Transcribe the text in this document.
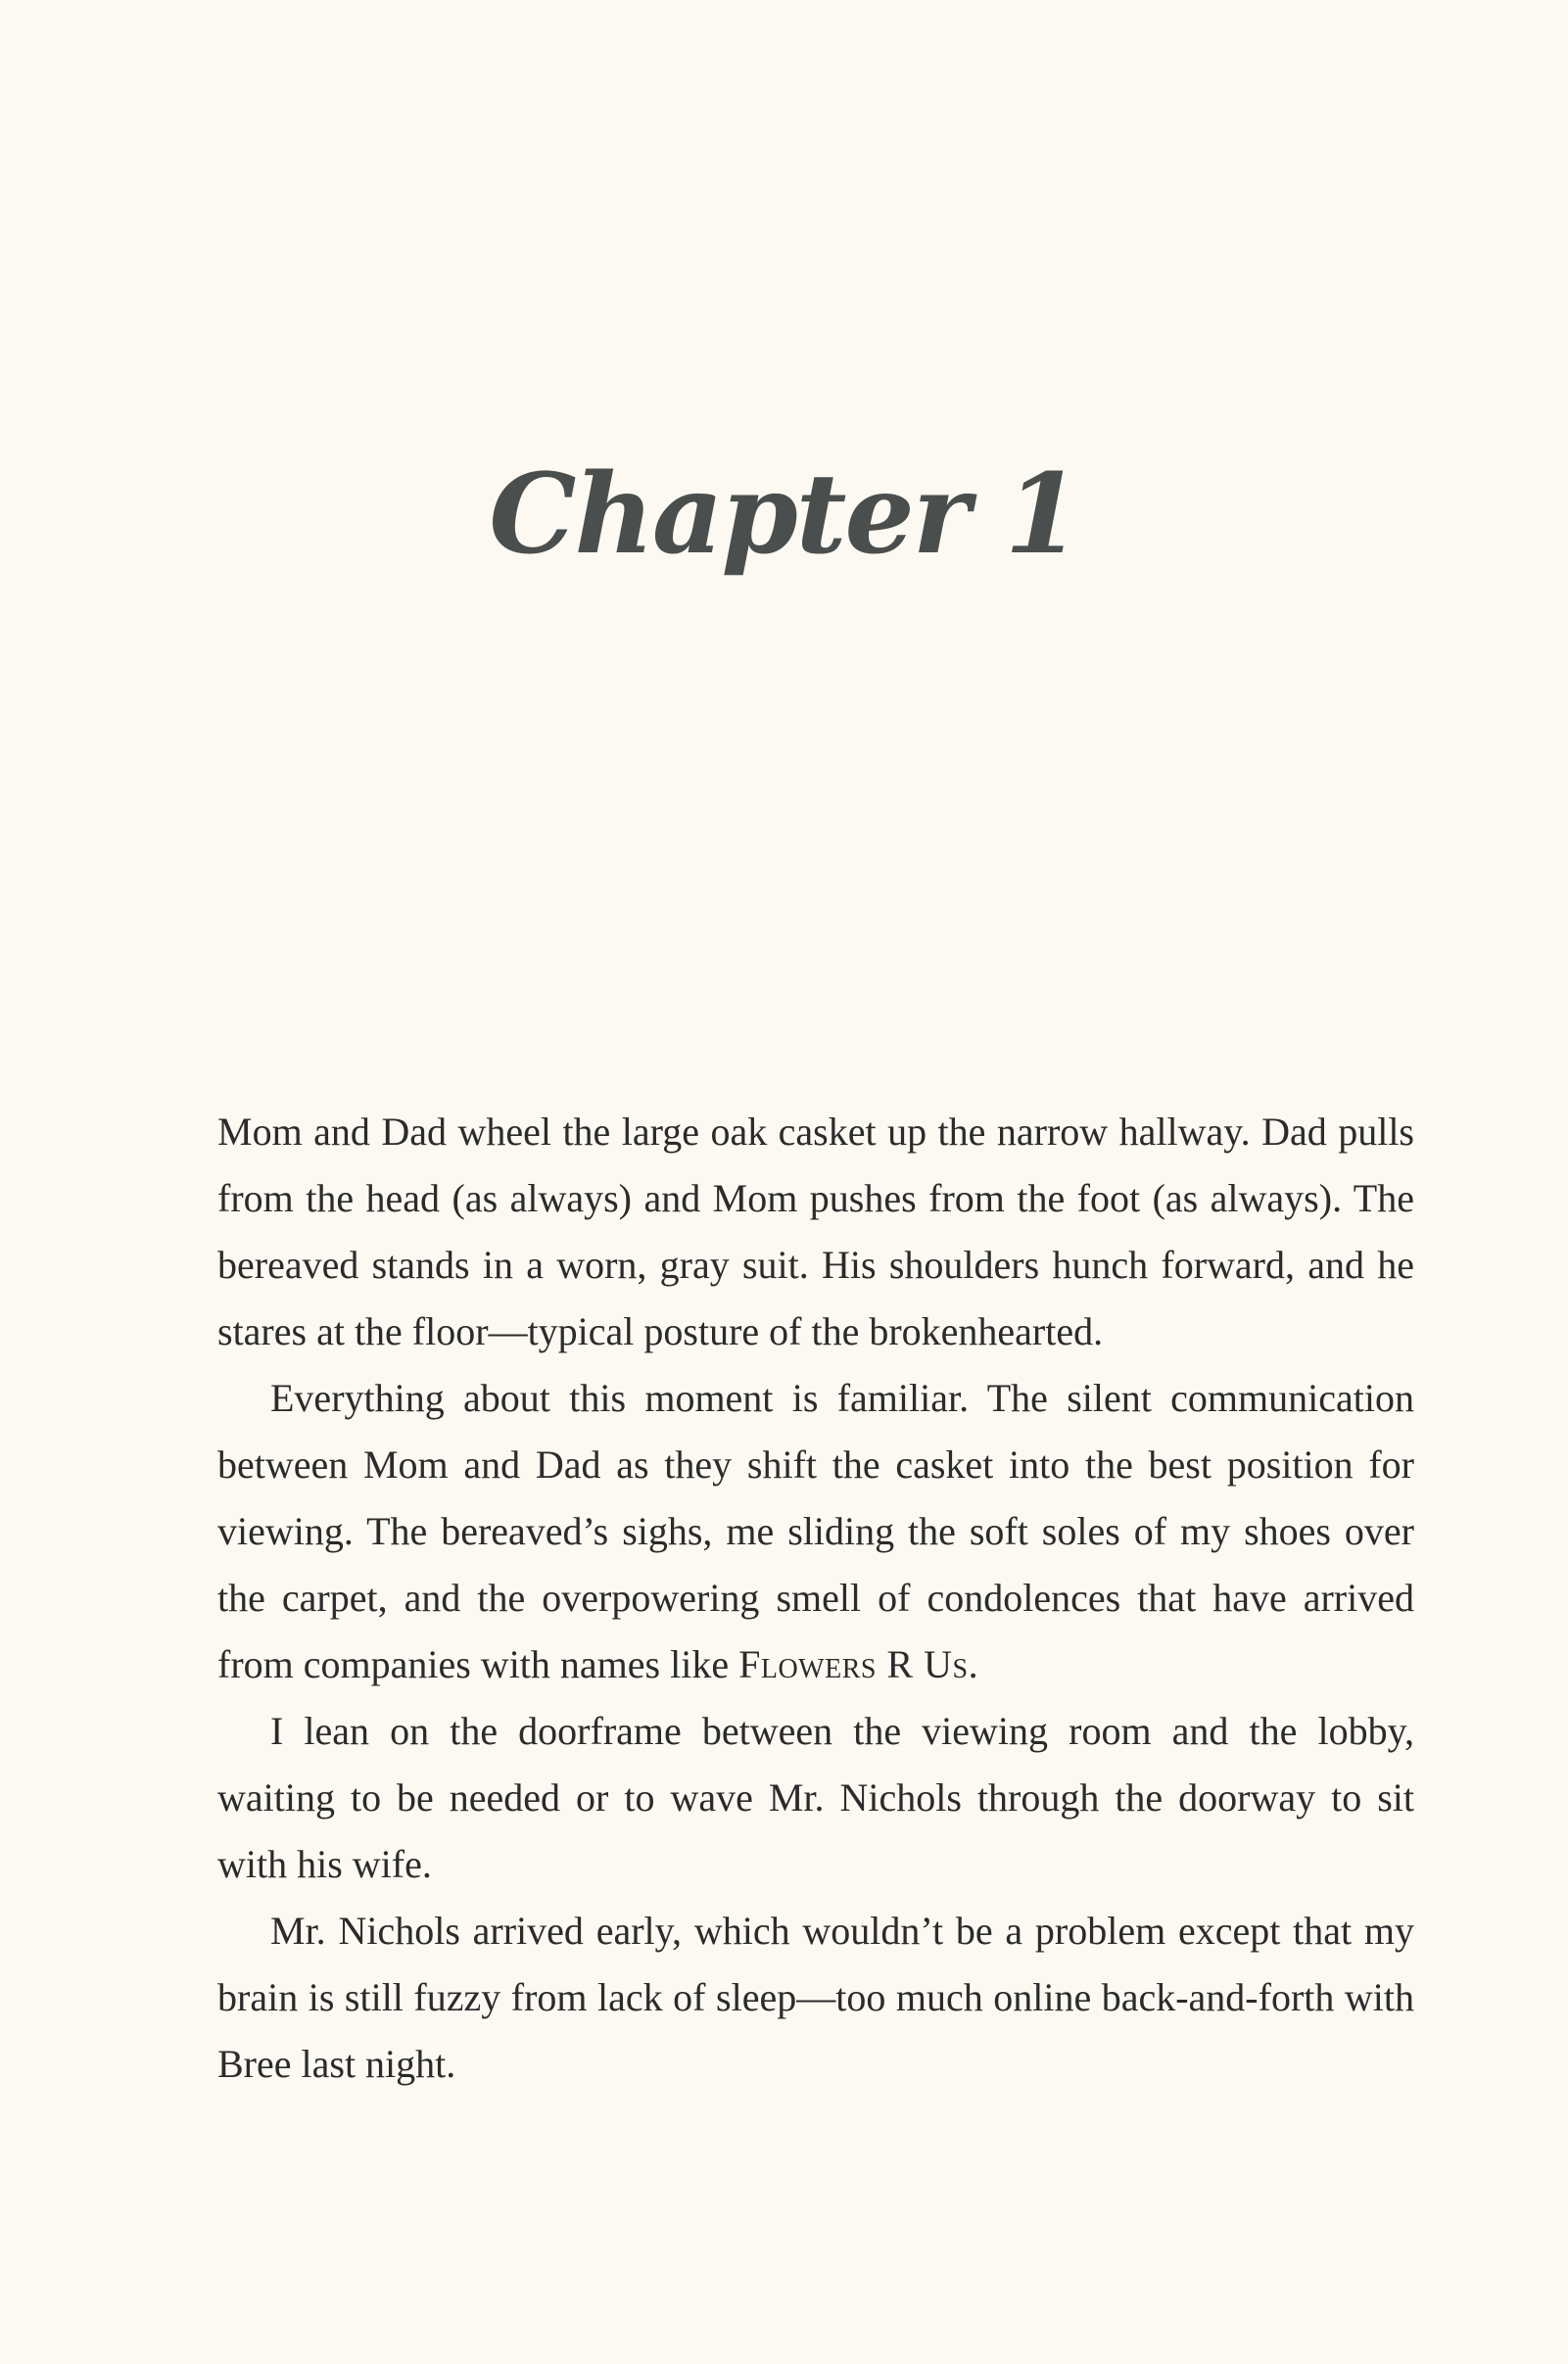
Chapter 1

Mom and Dad wheel the large oak casket up the narrow hallway. Dad pulls from the head (as always) and Mom pushes from the foot (as always). The bereaved stands in a worn, gray suit. His shoulders hunch forward, and he stares at the floor—typical posture of the brokenhearted.

Everything about this moment is familiar. The silent communication between Mom and Dad as they shift the casket into the best position for viewing. The bereaved’s sighs, me sliding the soft soles of my shoes over the carpet, and the overpowering smell of condolences that have arrived from companies with names like Flowers R Us.

I lean on the doorframe between the viewing room and the lobby, waiting to be needed or to wave Mr. Nichols through the doorway to sit with his wife.

Mr. Nichols arrived early, which wouldn’t be a problem except that my brain is still fuzzy from lack of sleep—too much online back-and-forth with Bree last night.
